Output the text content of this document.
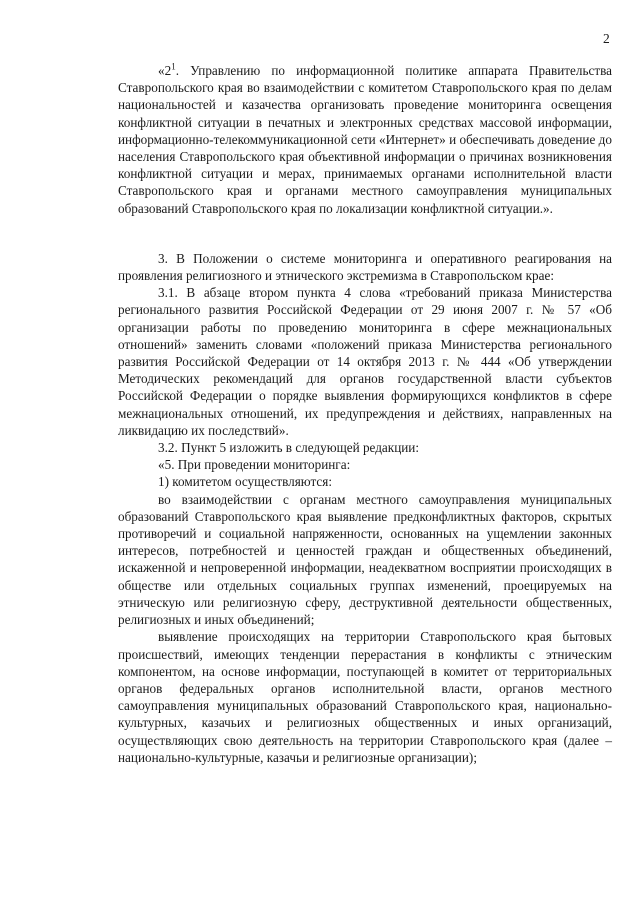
2

«$2^1$. Управлению по информационной политике аппарата Правительства Ставропольского края во взаимодействии с комитетом Ставропольского края по делам национальностей и казачества организовать проведение мониторинга освещения конфликтной ситуации в печатных и электронных средствах массовой информации, информационно-телекоммуникационной сети «Интернет» и обеспечивать доведение до населения Ставропольского края объективной информации о причинах возникновения конфликтной ситуации и мерах, принимаемых органами исполнительной власти Ставропольского края и органами местного самоуправления муниципальных образований Ставропольского края по локализации конфликтной ситуации.».

3. В Положении о системе мониторинга и оперативного реагирования на проявления религиозного и этнического экстремизма в Ставропольском крае:

3.1. В абзаце втором пункта 4 слова «требований приказа Министерства регионального развития Российской Федерации от 29 июня 2007 г. № 57 «Об организации работы по проведению мониторинга в сфере межнациональных отношений» заменить словами «положений приказа Министерства регионального развития Российской Федерации от 14 октября 2013 г. № 444 «Об утверждении Методических рекомендаций для органов государственной власти субъектов Российской Федерации о порядке выявления формирующихся конфликтов в сфере межнациональных отношений, их предупреждения и действиях, направленных на ликвидацию их последствий».

3.2. Пункт 5 изложить в следующей редакции:

«5. При проведении мониторинга:

1) комитетом осуществляются:

во взаимодействии с органам местного самоуправления муниципальных образований Ставропольского края выявление предконфликтных факторов, скрытых противоречий и социальной напряженности, основанных на ущемлении законных интересов, потребностей и ценностей граждан и общественных объединений, искаженной и непроверенной информации, неадекватном восприятии происходящих в обществе или отдельных социальных группах изменений, проецируемых на этническую или религиозную сферу, деструктивной деятельности общественных, религиозных и иных объединений;

выявление происходящих на территории Ставропольского края бытовых происшествий, имеющих тенденции перерастания в конфликты с этническим компонентом, на основе информации, поступающей в комитет от территориальных органов федеральных органов исполнительной власти, органов местного самоуправления муниципальных образований Ставропольского края, национально-культурных, казачьих и религиозных общественных и иных организаций, осуществляющих свою деятельность на территории Ставропольского края (далее – национально-культурные, казачьи и религиозные организации);
